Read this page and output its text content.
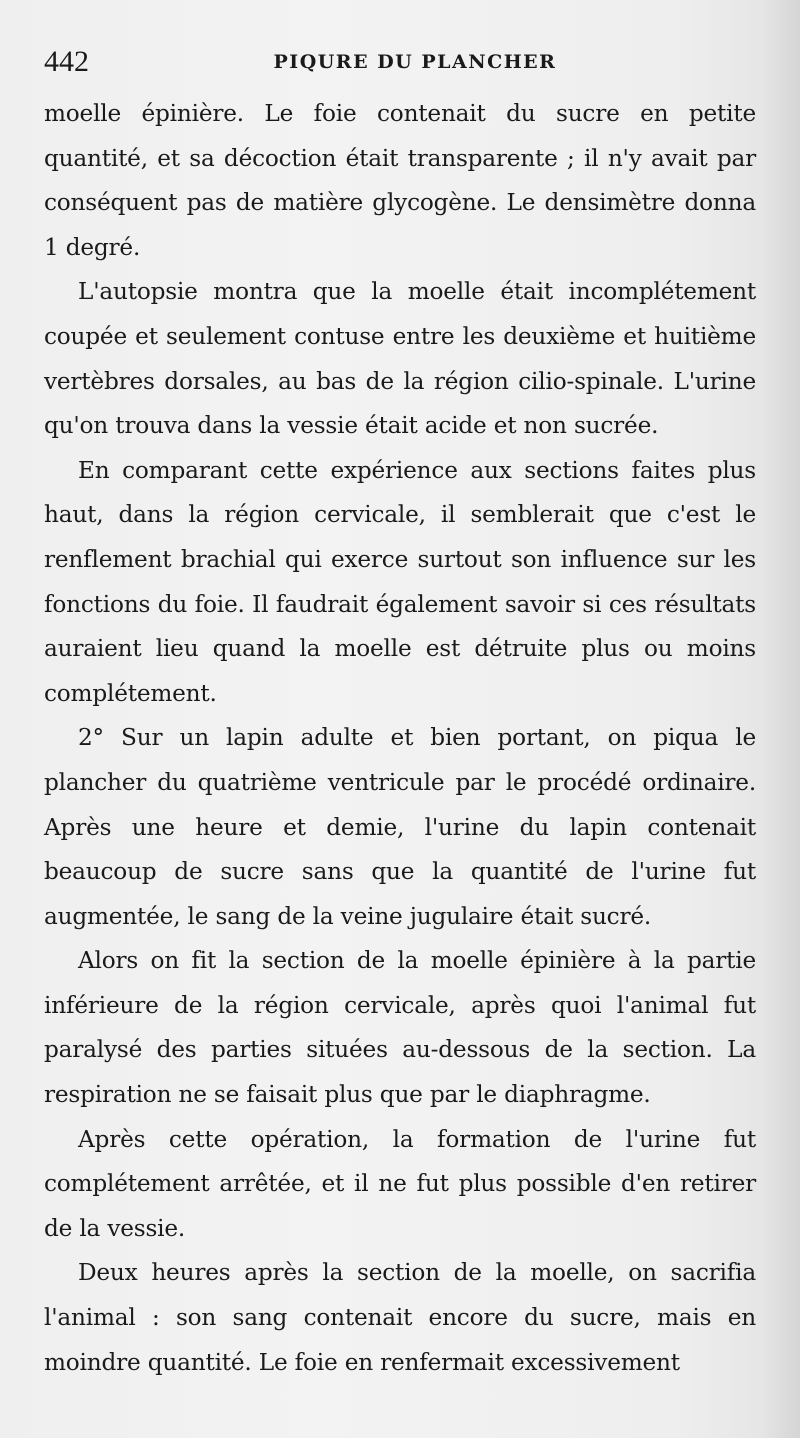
442	PIQURE DU PLANCHER

moelle épinière. Le foie contenait du sucre en petite quantité, et sa décoction était transparente ; il n'y avait par conséquent pas de matière glycogène. Le densimètre donna 1 degré.

L'autopsie montra que la moelle était incomplétement coupée et seulement contuse entre les deuxième et huitième vertèbres dorsales, au bas de la région cilio-spinale. L'urine qu'on trouva dans la vessie était acide et non sucrée.

En comparant cette expérience aux sections faites plus haut, dans la région cervicale, il semblerait que c'est le renflement brachial qui exerce surtout son influence sur les fonctions du foie. Il faudrait également savoir si ces résultats auraient lieu quand la moelle est détruite plus ou moins complétement.

2° Sur un lapin adulte et bien portant, on piqua le plancher du quatrième ventricule par le procédé ordinaire. Après une heure et demie, l'urine du lapin contenait beaucoup de sucre sans que la quantité de l'urine fut augmentée, le sang de la veine jugulaire était sucré.

Alors on fit la section de la moelle épinière à la partie inférieure de la région cervicale, après quoi l'animal fut paralysé des parties situées au-dessous de la section. La respiration ne se faisait plus que par le diaphragme.

Après cette opération, la formation de l'urine fut complétement arrêtée, et il ne fut plus possible d'en retirer de la vessie.

Deux heures après la section de la moelle, on sacrifia l'animal : son sang contenait encore du sucre, mais en moindre quantité. Le foie en renfermait excessivement
